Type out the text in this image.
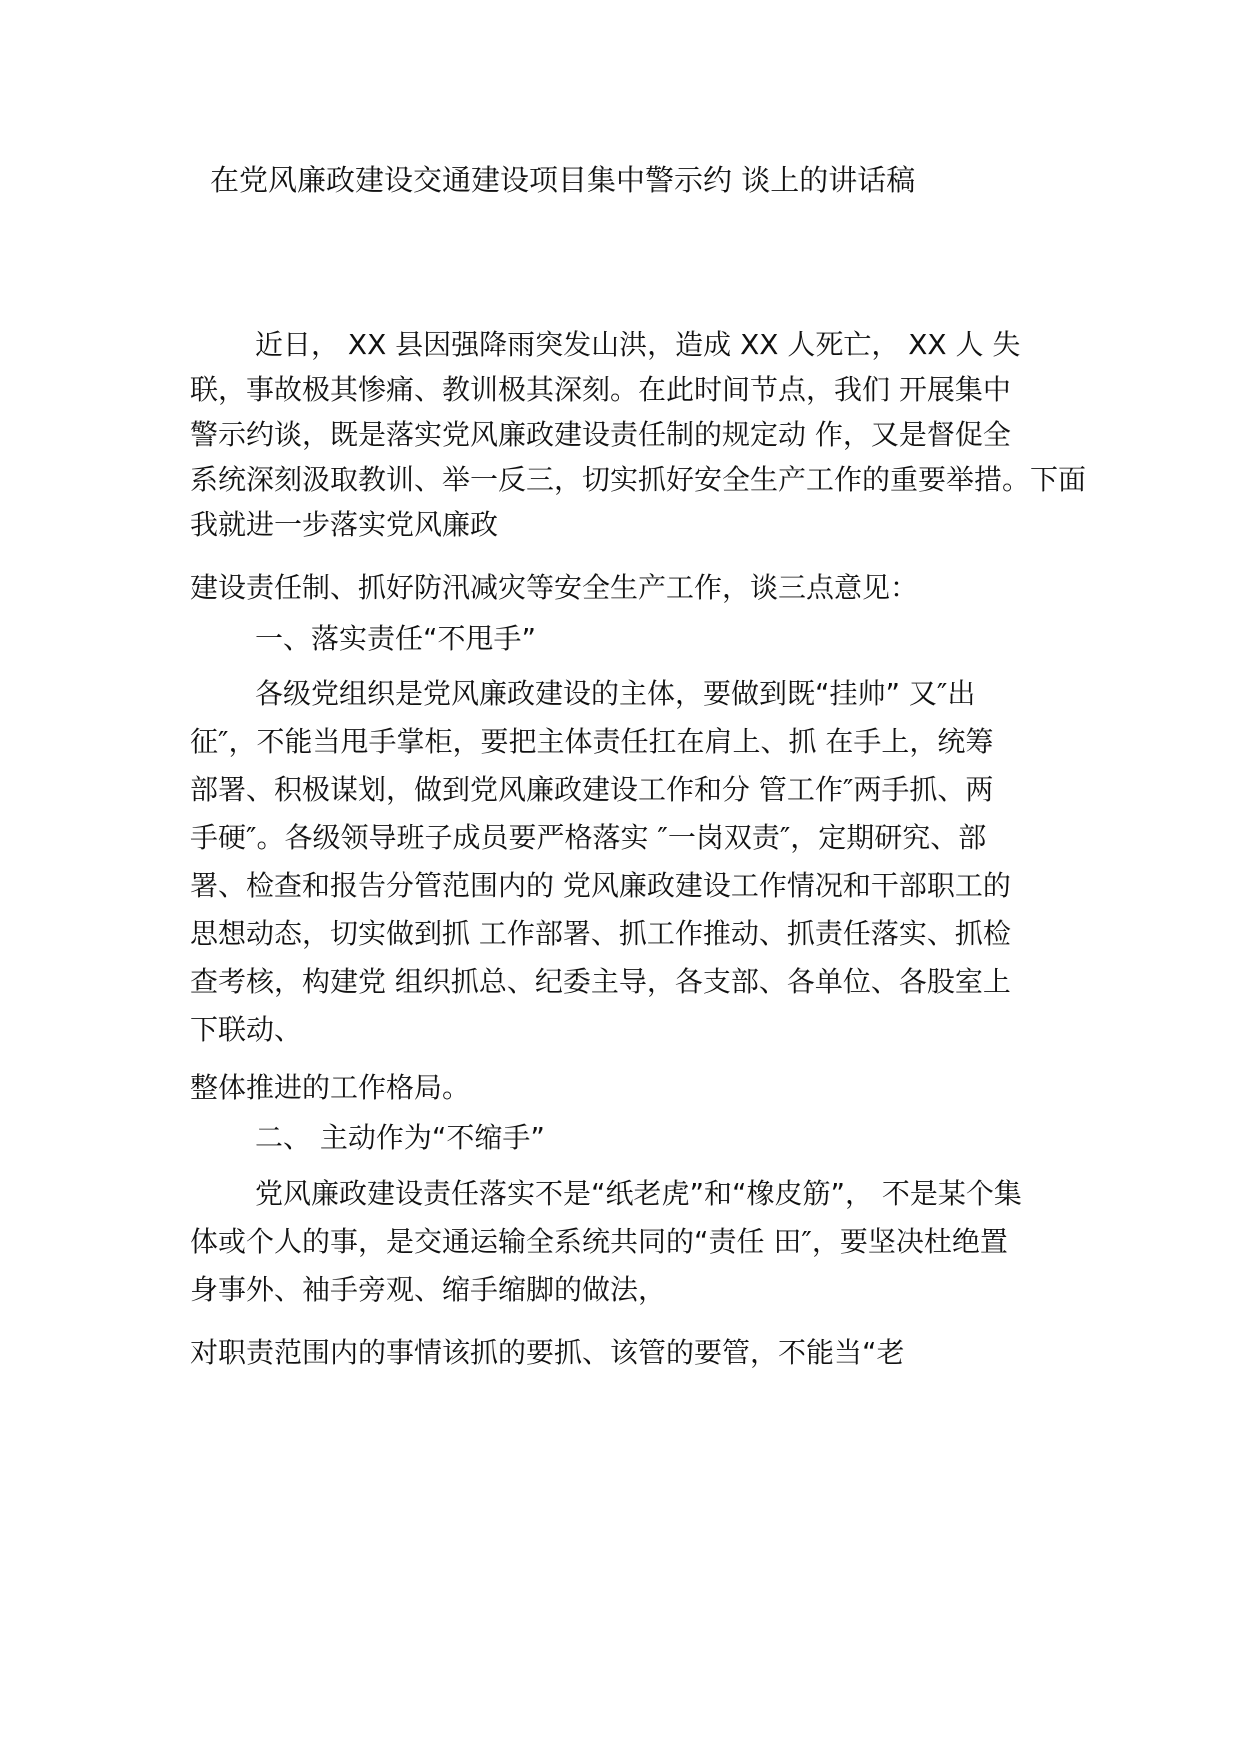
在党风廉政建设交通建设项目集中警示约 谈上的讲话稿
近日， XX 县因强降雨突发山洪，造成 XX 人死亡， XX 人 失
联，事故极其惨痛、教训极其深刻。在此时间节点，我们 开展集中
警示约谈，既是落实党风廉政建设责任制的规定动 作，又是督促全
系统深刻汲取教训、举一反三，切实抓好安全生产工作的重要举措。下面
我就进一步落实党风廉政
建设责任制、抓好防汛减灾等安全生产工作，谈三点意见：
一、落实责任“不甩手”
各级党组织是党风廉政建设的主体，要做到既“挂帅” 又″出
征″，不能当甩手掌柜，要把主体责任扛在肩上、抓 在手上，统筹
部署、积极谋划，做到党风廉政建设工作和分 管工作″两手抓、两
手硬″。各级领导班子成员要严格落实 ″一岗双责″，定期研究、部
署、检查和报告分管范围内的 党风廉政建设工作情况和干部职工的
思想动态，切实做到抓 工作部署、抓工作推动、抓责任落实、抓检
查考核，构建党 组织抓总、纪委主导，各支部、各单位、各股室上
下联动、
整体推进的工作格局。
二、 主动作为“不缩手”
党风廉政建设责任落实不是“纸老虎”和“橡皮筋”， 不是某个集
体或个人的事，是交通运输全系统共同的“责任 田″，要坚决杜绝置
身事外、袖手旁观、缩手缩脚的做法，
对职责范围内的事情该抓的要抓、该管的要管，不能当“老
